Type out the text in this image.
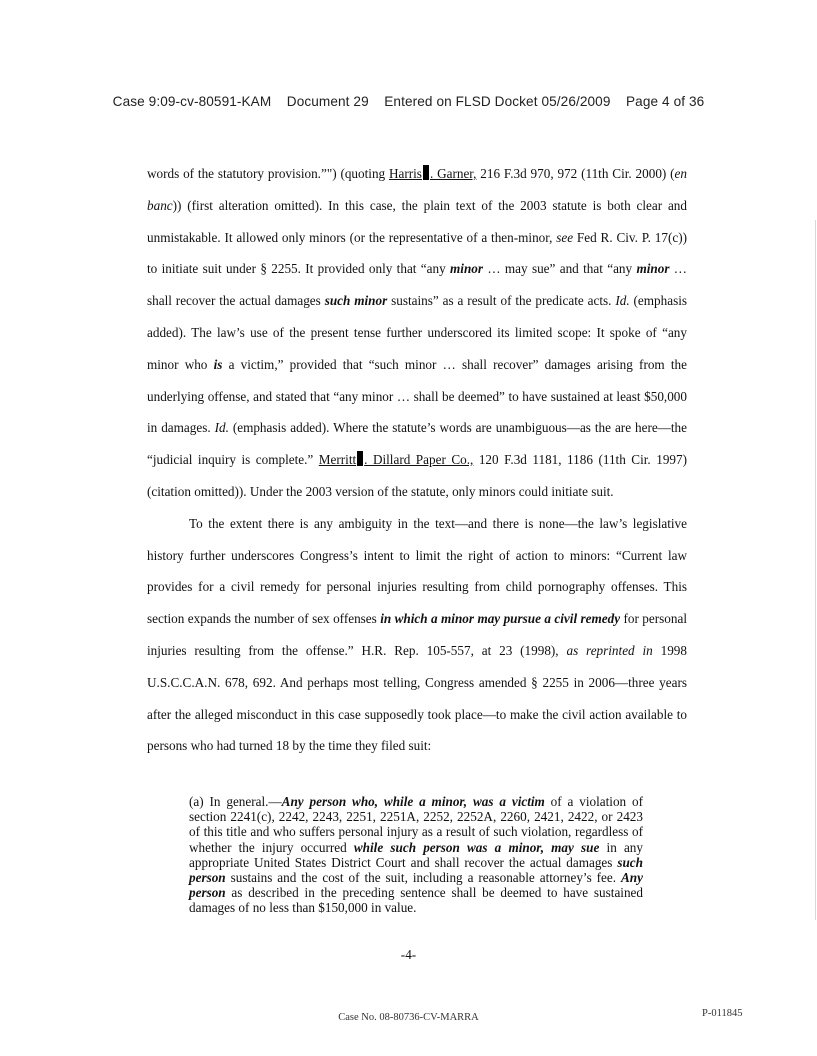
Case 9:09-cv-80591-KAM Document 29 Entered on FLSD Docket 05/26/2009 Page 4 of 36

words of the statutory provision.”") (quoting Harris . Garner, 216 F.3d 970, 972 (11th Cir. 2000) (en banc)) (first alteration omitted). In this case, the plain text of the 2003 statute is both clear and unmistakable. It allowed only minors (or the representative of a then-minor, see Fed R. Civ. P. 17(c)) to initiate suit under § 2255. It provided only that “any minor … may sue” and that “any minor … shall recover the actual damages such minor sustains” as a result of the predicate acts. Id. (emphasis added). The law’s use of the present tense further underscored its limited scope: It spoke of “any minor who is a victim,” provided that “such minor … shall recover” damages arising from the underlying offense, and stated that “any minor … shall be deemed” to have sustained at least $50,000 in damages. Id. (emphasis added). Where the statute’s words are unambiguous—as the are here—the “judicial inquiry is complete.” Merritt . Dillard Paper Co., 120 F.3d 1181, 1186 (11th Cir. 1997) (citation omitted)). Under the 2003 version of the statute, only minors could initiate suit.

To the extent there is any ambiguity in the text—and there is none—the law’s legislative history further underscores Congress’s intent to limit the right of action to minors: “Current law provides for a civil remedy for personal injuries resulting from child pornography offenses. This section expands the number of sex offenses in which a minor may pursue a civil remedy for personal injuries resulting from the offense.” H.R. Rep. 105-557, at 23 (1998), as reprinted in 1998 U.S.C.C.A.N. 678, 692. And perhaps most telling, Congress amended § 2255 in 2006—three years after the alleged misconduct in this case supposedly took place—to make the civil action available to persons who had turned 18 by the time they filed suit:

(a) In general.—Any person who, while a minor, was a victim of a violation of section 2241(c), 2242, 2243, 2251, 2251A, 2252, 2252A, 2260, 2421, 2422, or 2423 of this title and who suffers personal injury as a result of such violation, regardless of whether the injury occurred while such person was a minor, may sue in any appropriate United States District Court and shall recover the actual damages such person sustains and the cost of the suit, including a reasonable attorney’s fee. Any person as described in the preceding sentence shall be deemed to have sustained damages of no less than $150,000 in value.

-4-
Case No. 08-80736-CV-MARRA	P-011845
